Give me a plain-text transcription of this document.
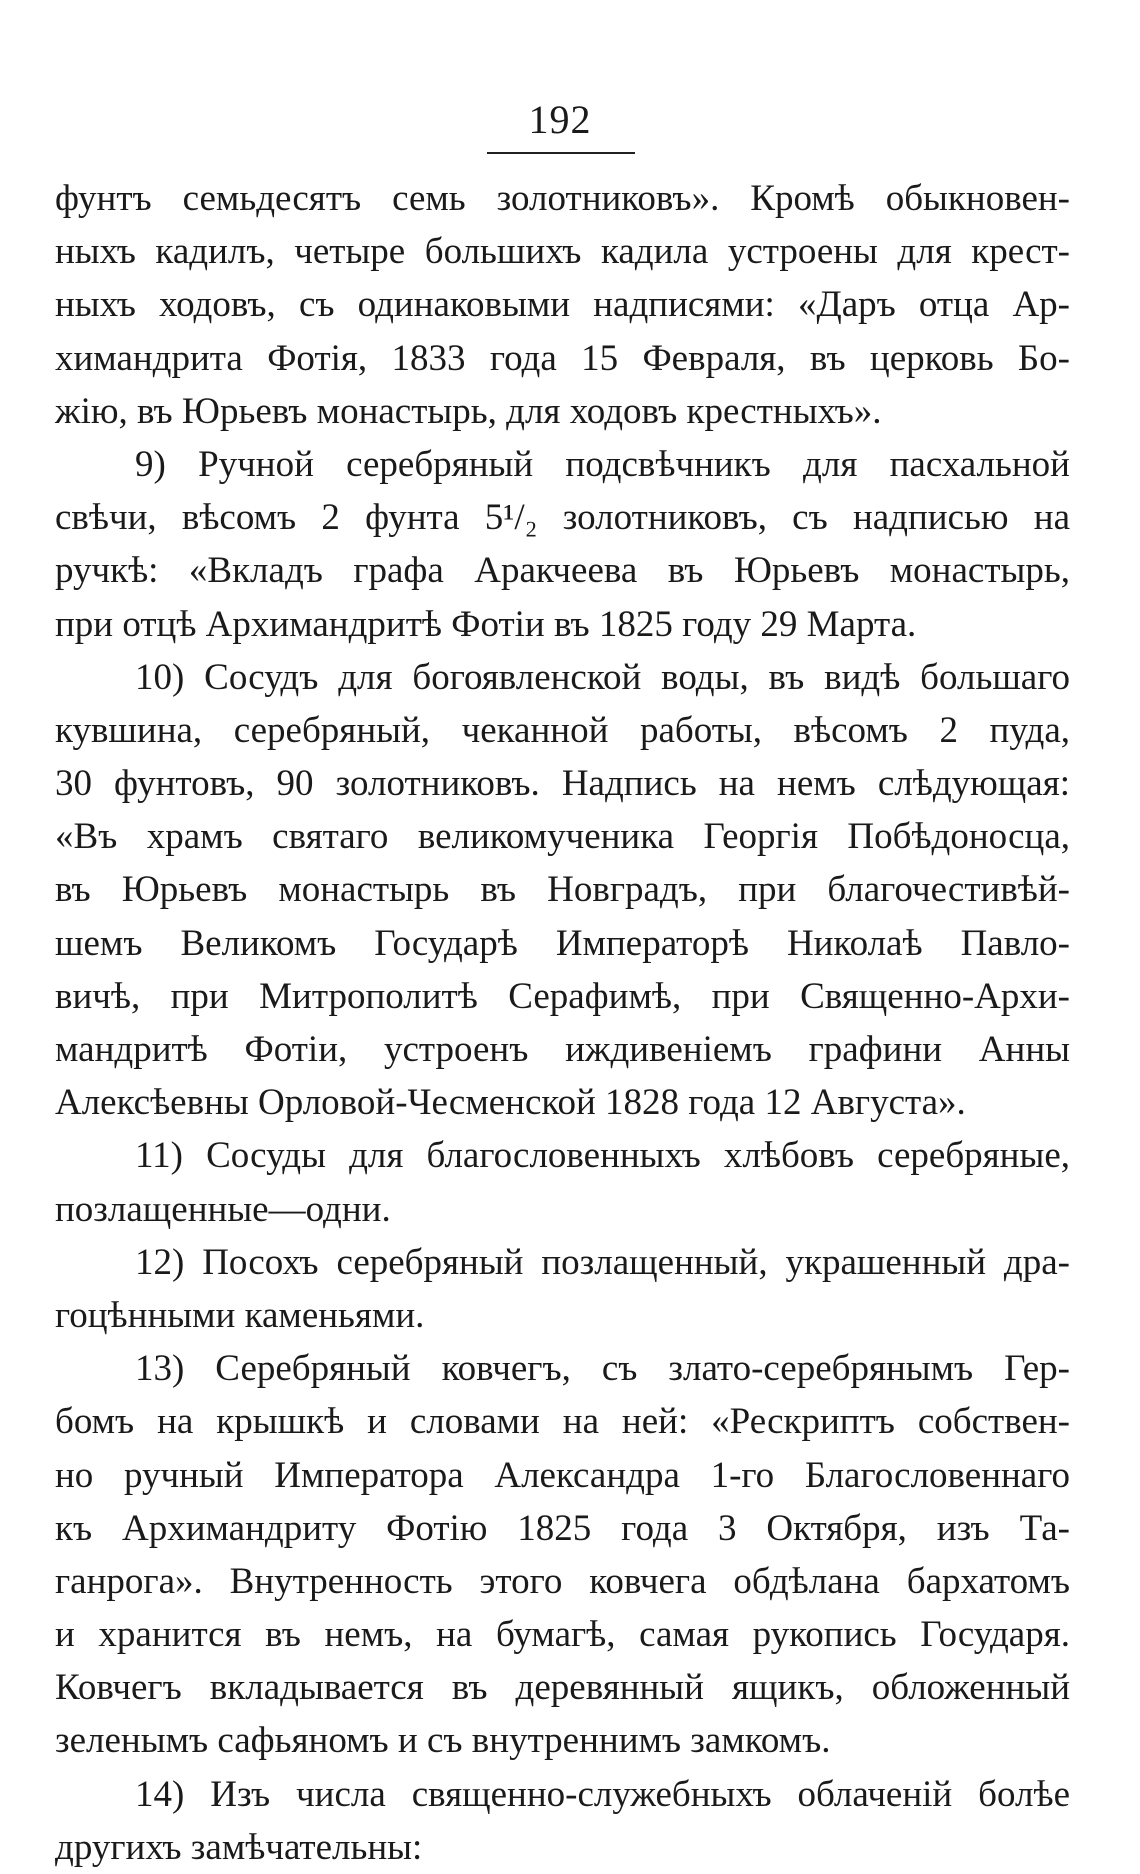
192
фунтъ семьдесятъ семь золотниковъ». Кромѣ обыкновен-
ныхъ кадилъ, четыре большихъ кадила устроены для крест-
ныхъ ходовъ, съ одинаковыми надписями: «Даръ отца Ар-
химандрита Фотія, 1833 года 15 Февраля, въ церковь Бо-
жію, въ Юрьевъ монастырь, для ходовъ крестныхъ».
9) Ручной серебряный подсвѣчникъ для пасхальной
свѣчи, вѣсомъ 2 фунта 5¹/₂ золотниковъ, съ надписью на
ручкѣ: «Вкладъ графа Аракчеева въ Юрьевъ монастырь,
при отцѣ Архимандритѣ Фотіи въ 1825 году 29 Марта.
10) Сосудъ для богоявленской воды, въ видѣ большаго
кувшина, серебряный, чеканной работы, вѣсомъ 2 пуда,
30 фунтовъ, 90 золотниковъ. Надпись на немъ слѣдующая:
«Въ храмъ святаго великомученика Георгія Побѣдоносца,
въ Юрьевъ монастырь въ Новградъ, при благочестивѣй-
шемъ Великомъ Государѣ Императорѣ Николаѣ Павло-
вичѣ, при Митрополитѣ Серафимѣ, при Священно-Архи-
мандритѣ Фотіи, устроенъ иждивеніемъ графини Анны
Алексѣевны Орловой-Чесменской 1828 года 12 Августа».
11) Сосуды для благословенныхъ хлѣбовъ серебряные,
позлащенные—одни.
12) Посохъ серебряный позлащенный, украшенный дра-
гоцѣнными каменьями.
13) Серебряный ковчегъ, съ злато-серебрянымъ Гер-
бомъ на крышкѣ и словами на ней: «Рескриптъ собствен-
но ручный Императора Александра 1-го Благословеннаго
къ Архимандриту Фотію 1825 года 3 Октября, изъ Та-
ганрога». Внутренность этого ковчега обдѣлана бархатомъ
и хранится въ немъ, на бумагѣ, самая рукопись Государя.
Ковчегъ вкладывается въ деревянный ящикъ, обложенный
зеленымъ сафьяномъ и съ внутреннимъ замкомъ.
14) Изъ числа священно-служебныхъ облаченій болѣе
другихъ замѣчательны:
